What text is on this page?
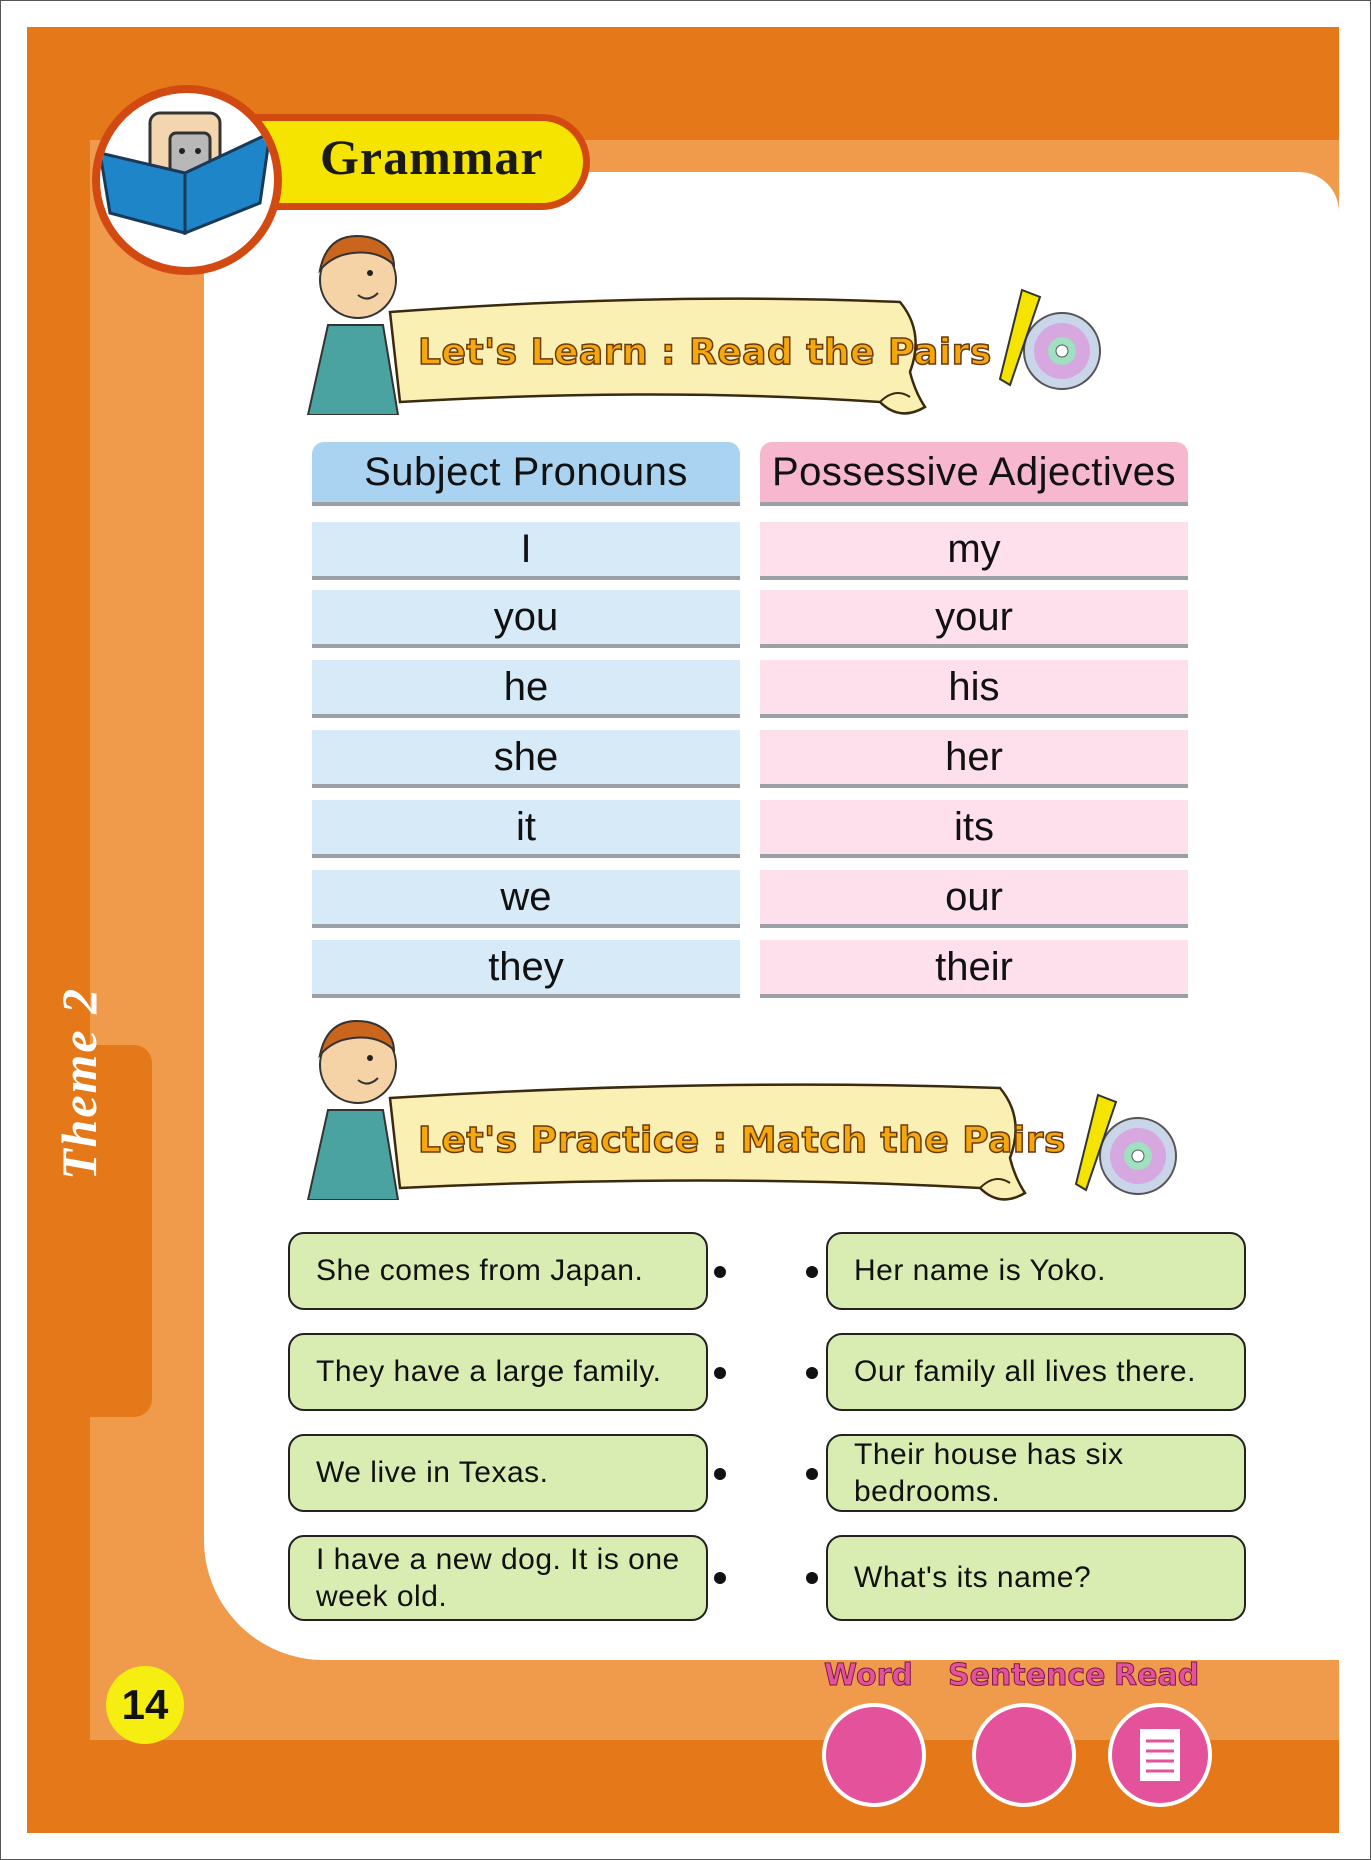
Grammar
Let's Learn : Read the Pairs
Subject Pronouns	Possessive Adjectives
I	my
you	your
he	his
she	her
it	its
we	our
they	their
Let's Practice : Match the Pairs
She comes from Japan.	Her name is Yoko.
They have a large family.	Our family all lives there.
We live in Texas.
Their house has six bedrooms.
I have a new dog. It is one week old.
What's its name?
Theme 2
14
Word Sentence Read
